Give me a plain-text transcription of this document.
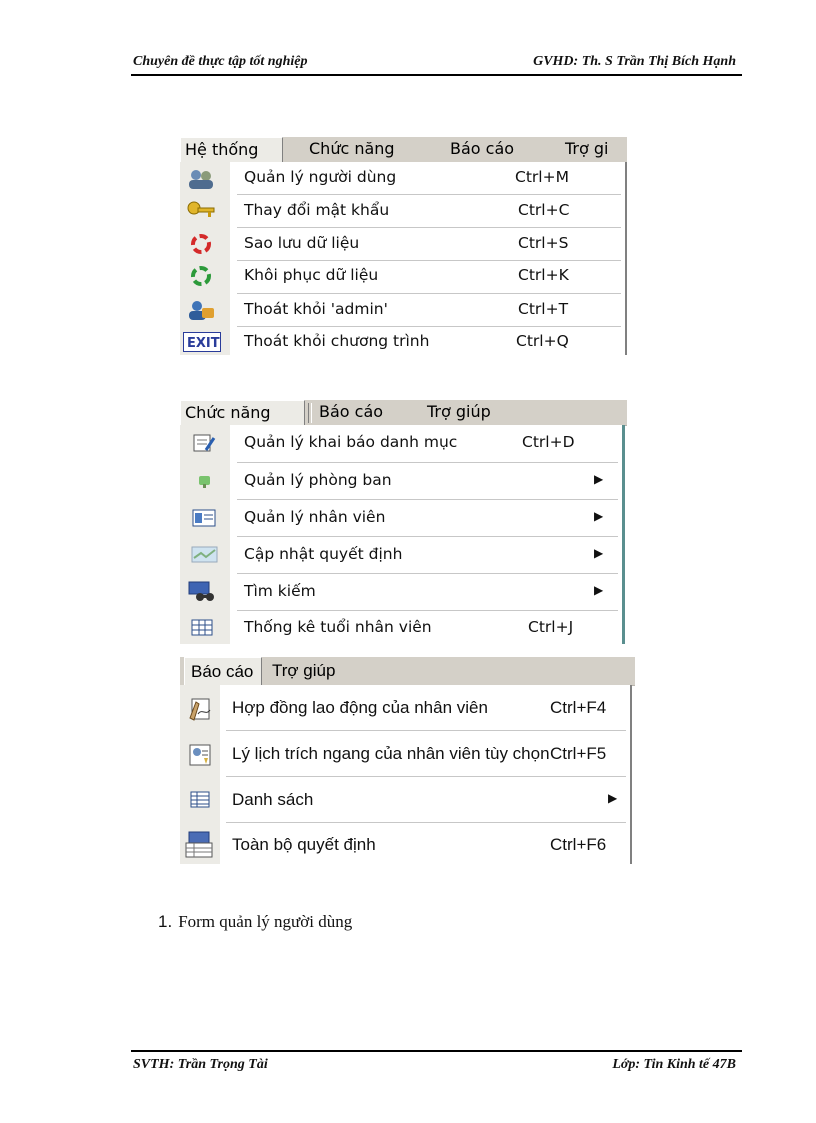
Chuyên đề thực tập tốt nghiệp	GVHD: Th. S Trần Thị Bích Hạnh
Hệ thống	Chức năng	Báo cáo	Trợ gi
Quản lý người dùng	Ctrl+M
Thay đổi mật khẩu	Ctrl+C
Sao lưu dữ liệu	Ctrl+S
Khôi phục dữ liệu	Ctrl+K
Thoát khỏi 'admin'	Ctrl+T
EXIT Thoát khỏi chương trình	Ctrl+Q
Chức năng	Báo cáo	Trợ giúp
Quản lý khai báo danh mục	Ctrl+D
Quản lý phòng ban	▶
Quản lý nhân viên	▶
Cập nhật quyết định	▶
Tìm kiếm	▶
Thống kê tuổi nhân viên	Ctrl+J
Báo cáo	Trợ giúp
Hợp đồng lao động của nhân viên	Ctrl+F4
Lý lịch trích ngang của nhân viên tùy chọn Ctrl+F5
Danh sách	▶
Toàn bộ quyết định	Ctrl+F6
1. Form quản lý người dùng
SVTH: Trần Trọng Tài	Lớp: Tin Kinh tế 47B
